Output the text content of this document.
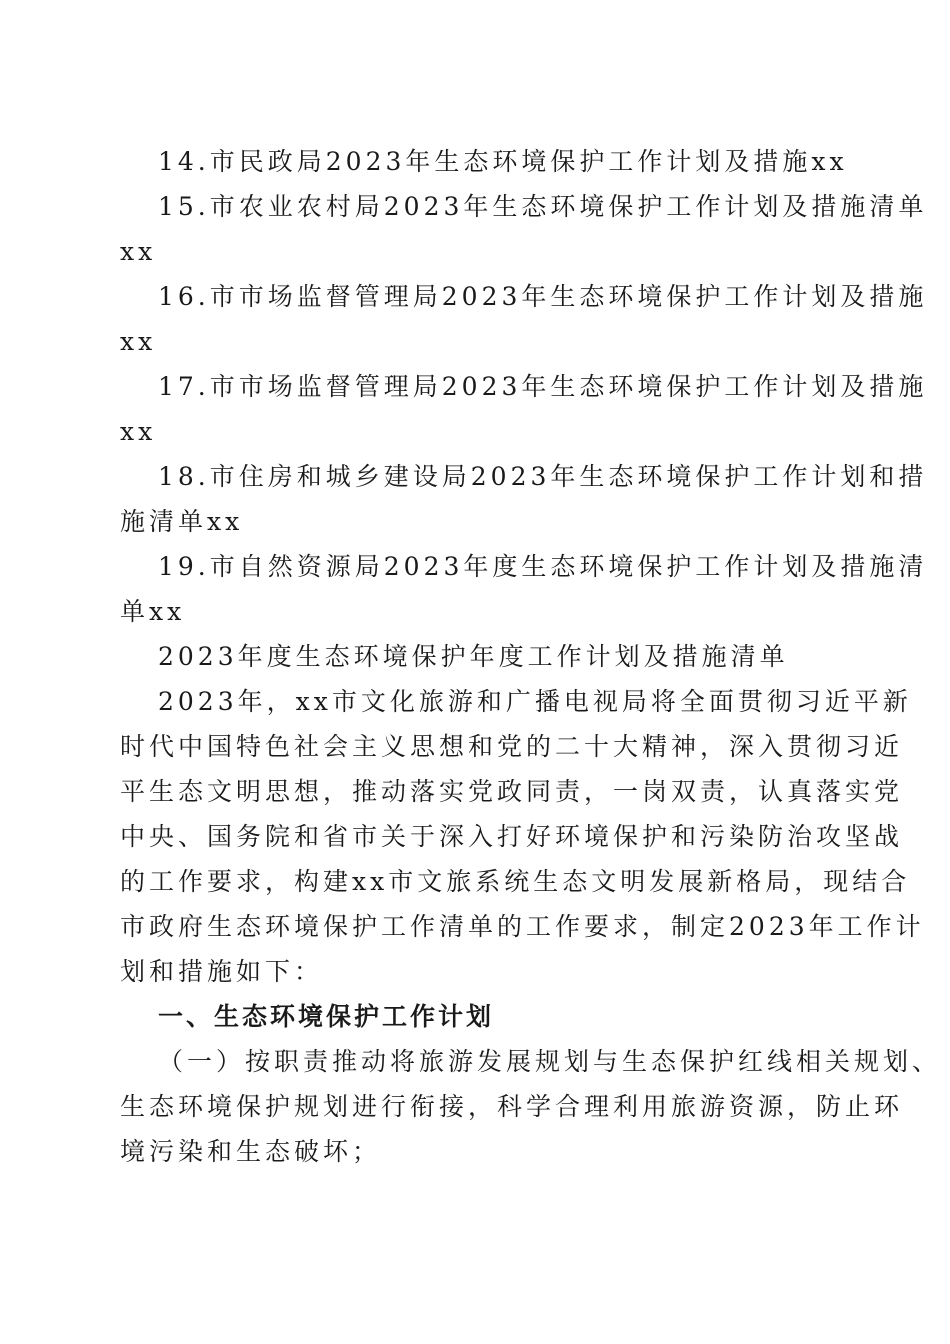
14.市民政局2023年生态环境保护工作计划及措施xx

15.市农业农村局2023年生态环境保护工作计划及措施清单

xx

16.市市场监督管理局2023年生态环境保护工作计划及措施

xx

17.市市场监督管理局2023年生态环境保护工作计划及措施

xx

18.市住房和城乡建设局2023年生态环境保护工作计划和措

施清单xx

19.市自然资源局2023年度生态环境保护工作计划及措施清

单xx

2023年度生态环境保护年度工作计划及措施清单

2023年，xx市文化旅游和广播电视局将全面贯彻习近平新

时代中国特色社会主义思想和党的二十大精神，深入贯彻习近

平生态文明思想，推动落实党政同责，一岗双责，认真落实党

中央、国务院和省市关于深入打好环境保护和污染防治攻坚战

的工作要求，构建xx市文旅系统生态文明发展新格局，现结合

市政府生态环境保护工作清单的工作要求，制定2023年工作计

划和措施如下：

一、生态环境保护工作计划

（一）按职责推动将旅游发展规划与生态保护红线相关规划、

生态环境保护规划进行衔接，科学合理利用旅游资源，防止环

境污染和生态破坏；
